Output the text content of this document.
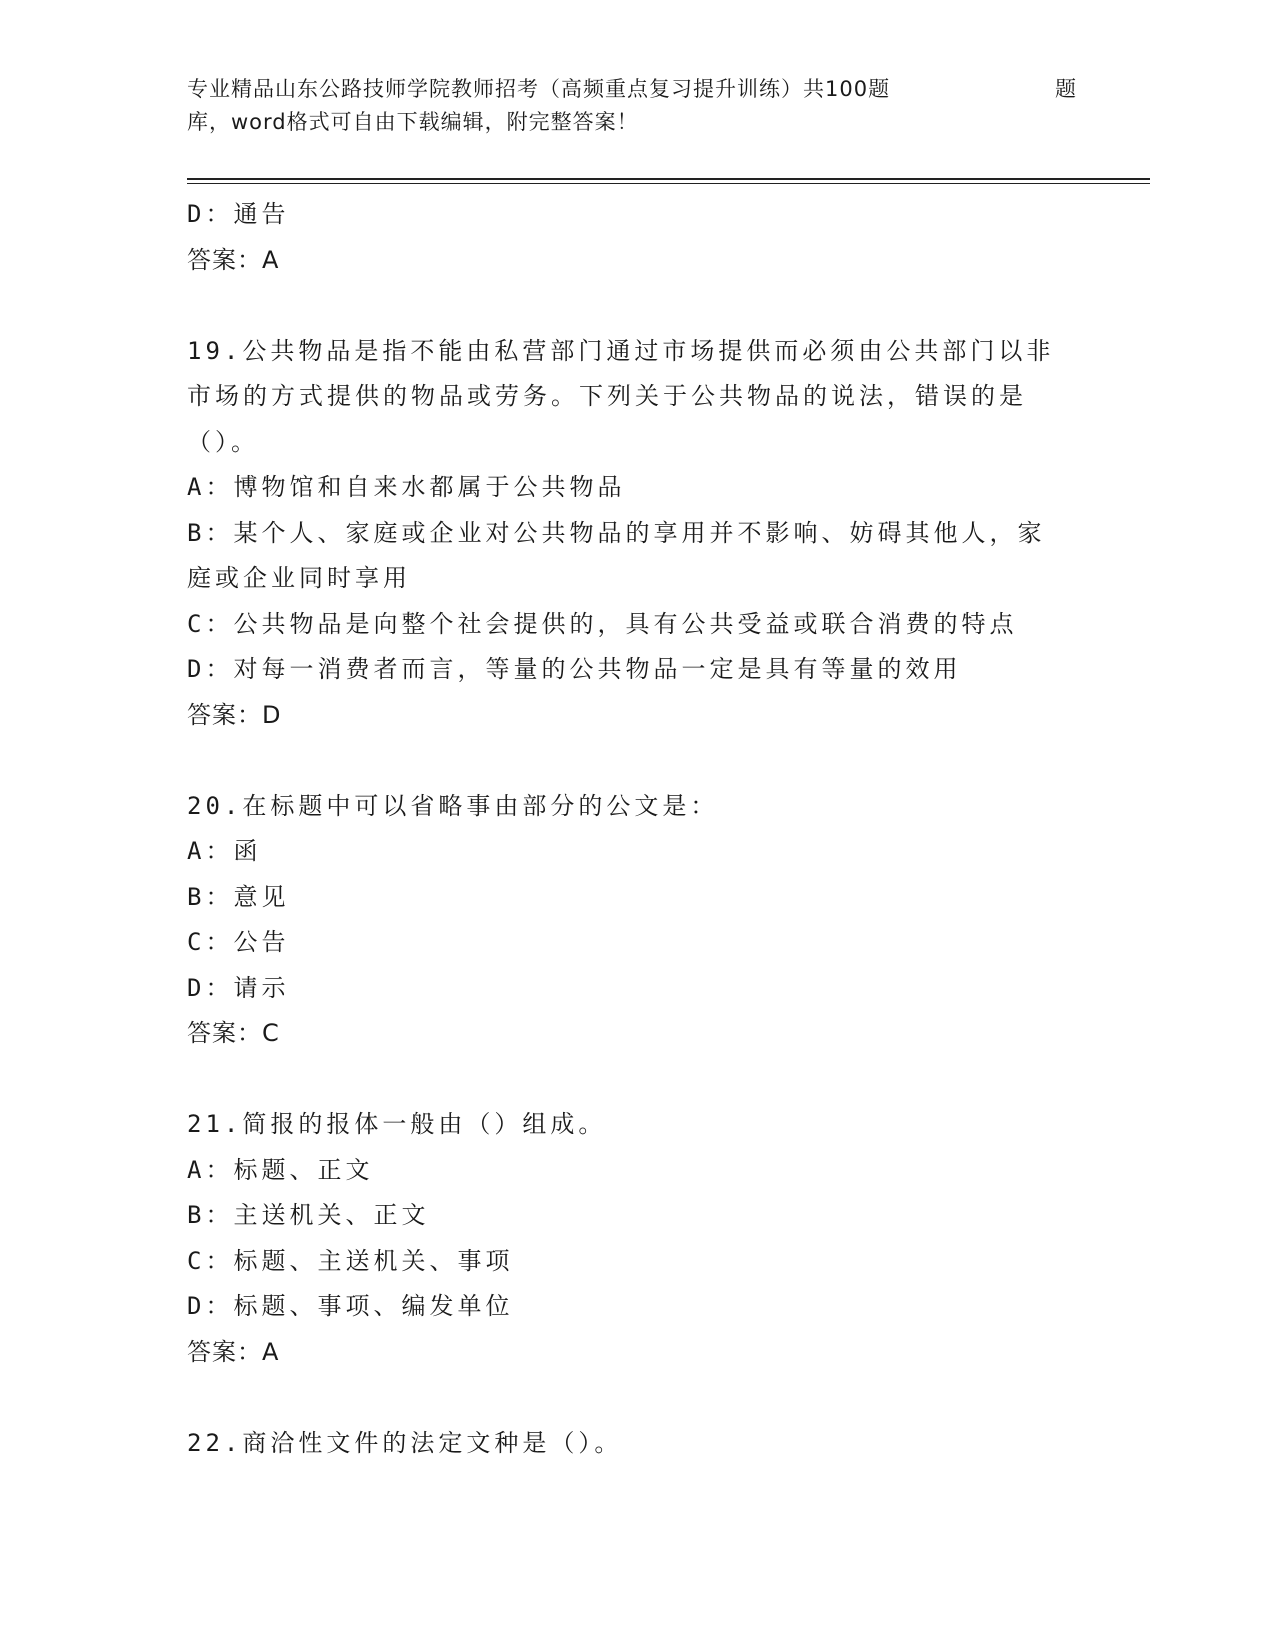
专业精品山东公路技师学院教师招考（高频重点复习提升训练）共100题	题
库，word格式可自由下载编辑，附完整答案！
D：通告
答案：A
19.公共物品是指不能由私营部门通过市场提供而必须由公共部门以非
市场的方式提供的物品或劳务。下列关于公共物品的说法，错误的是
（）。
A：博物馆和自来水都属于公共物品
B：某个人、家庭或企业对公共物品的享用并不影响、妨碍其他人，家
庭或企业同时享用
C：公共物品是向整个社会提供的，具有公共受益或联合消费的特点
D：对每一消费者而言，等量的公共物品一定是具有等量的效用
答案：D
20.在标题中可以省略事由部分的公文是：
A：函
B：意见
C：公告
D：请示
答案：C
21.简报的报体一般由（）组成。
A：标题、正文
B：主送机关、正文
C：标题、主送机关、事项
D：标题、事项、编发单位
答案：A
22.商洽性文件的法定文种是（）。
